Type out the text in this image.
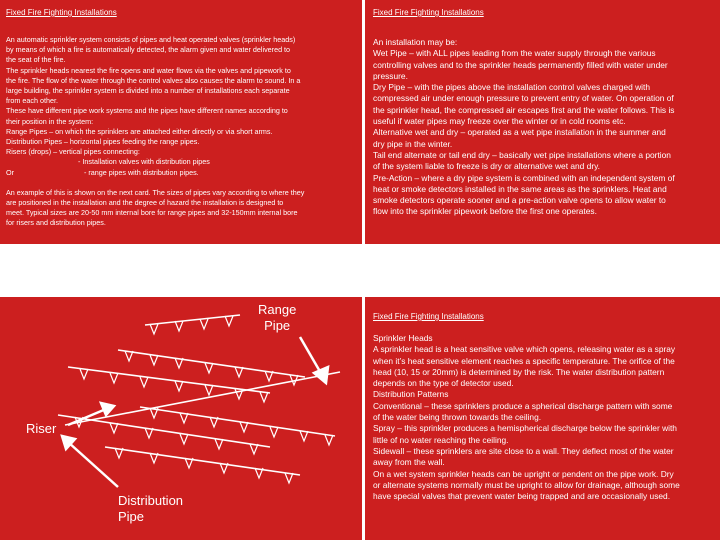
Fixed Fire Fighting Installations

An automatic sprinkler system consists of pipes and heat operated valves (sprinkler heads)

by means of which a fire is automatically detected, the alarm given and water delivered to

the seat of the fire.

The sprinkler heads nearest the fire opens and water flows via the valves and pipework to

the fire. The flow of the water through the control valves also causes the alarm to sound. In a

large building, the sprinkler system is divided into a number of installations each separate

from each other.

These have different pipe work systems and the pipes have different names according to

their position in the system:

Range Pipes – on which the sprinklers are attached either directly or via short arms.

Distribution Pipes – horizontal pipes feeding the range pipes.

Risers (drops) – vertical pipes connecting:

- Installation valves with distribution pipes

Or	- range pipes with distribution pipes.

An example of this is shown on the next card. The sizes of pipes vary according to where they

are positioned in the installation and the degree of hazard the installation is designed to

meet. Typical sizes are 20-50 mm internal bore for range pipes and 32-150mm internal bore

for risers and distribution pipes.

Fixed Fire Fighting Installations

An installation may be:

Wet Pipe – with ALL pipes leading from the water supply through the various

controlling valves and to the sprinkler heads permanently filled with water under

pressure.

Dry Pipe – with the pipes above the installation control valves charged with

compressed air under enough pressure to prevent entry of water. On operation of

the sprinkler head, the compressed air escapes first and the water follows. This is

useful if water pipes may freeze over the winter or in cold rooms etc.

Alternative wet and dry – operated as a wet pipe installation in the summer and

dry pipe in the winter.

Tail end alternate or tail end dry – basically wet pipe installations where a portion

of the system liable to freeze is dry or alternative wet and dry.

Pre-Action – where a dry pipe system is combined with an independent system of

heat or smoke detectors installed in the same areas as the sprinklers. Heat and

smoke detectors operate sooner and a pre-action valve opens to allow water to

flow into the sprinkler pipework before the first one operates.

Range
Pipe
Riser
Distribution
Pipe
Fixed Fire Fighting Installations

Sprinkler Heads

A sprinkler head is a heat sensitive valve which opens, releasing water as a spray

when it’s heat sensitive element reaches a specific temperature. The orifice of the

head (10, 15 or 20mm) is determined by the risk. The water distribution pattern

depends on the type of detector used.

Distribution Patterns

Conventional – these sprinklers produce a spherical discharge pattern with some

of the water being thrown towards the ceiling.

Spray – this sprinkler produces a hemispherical discharge below the sprinkler with

little of no water reaching the ceiling.

Sidewall – these sprinklers are site close to a wall. They deflect most of the water

away from the wall.

On a wet system sprinkler heads can be upright or pendent on the pipe work. Dry

or alternate systems normally must be upright to allow for drainage, although some

have special valves that prevent water being trapped and are occasionally used.
